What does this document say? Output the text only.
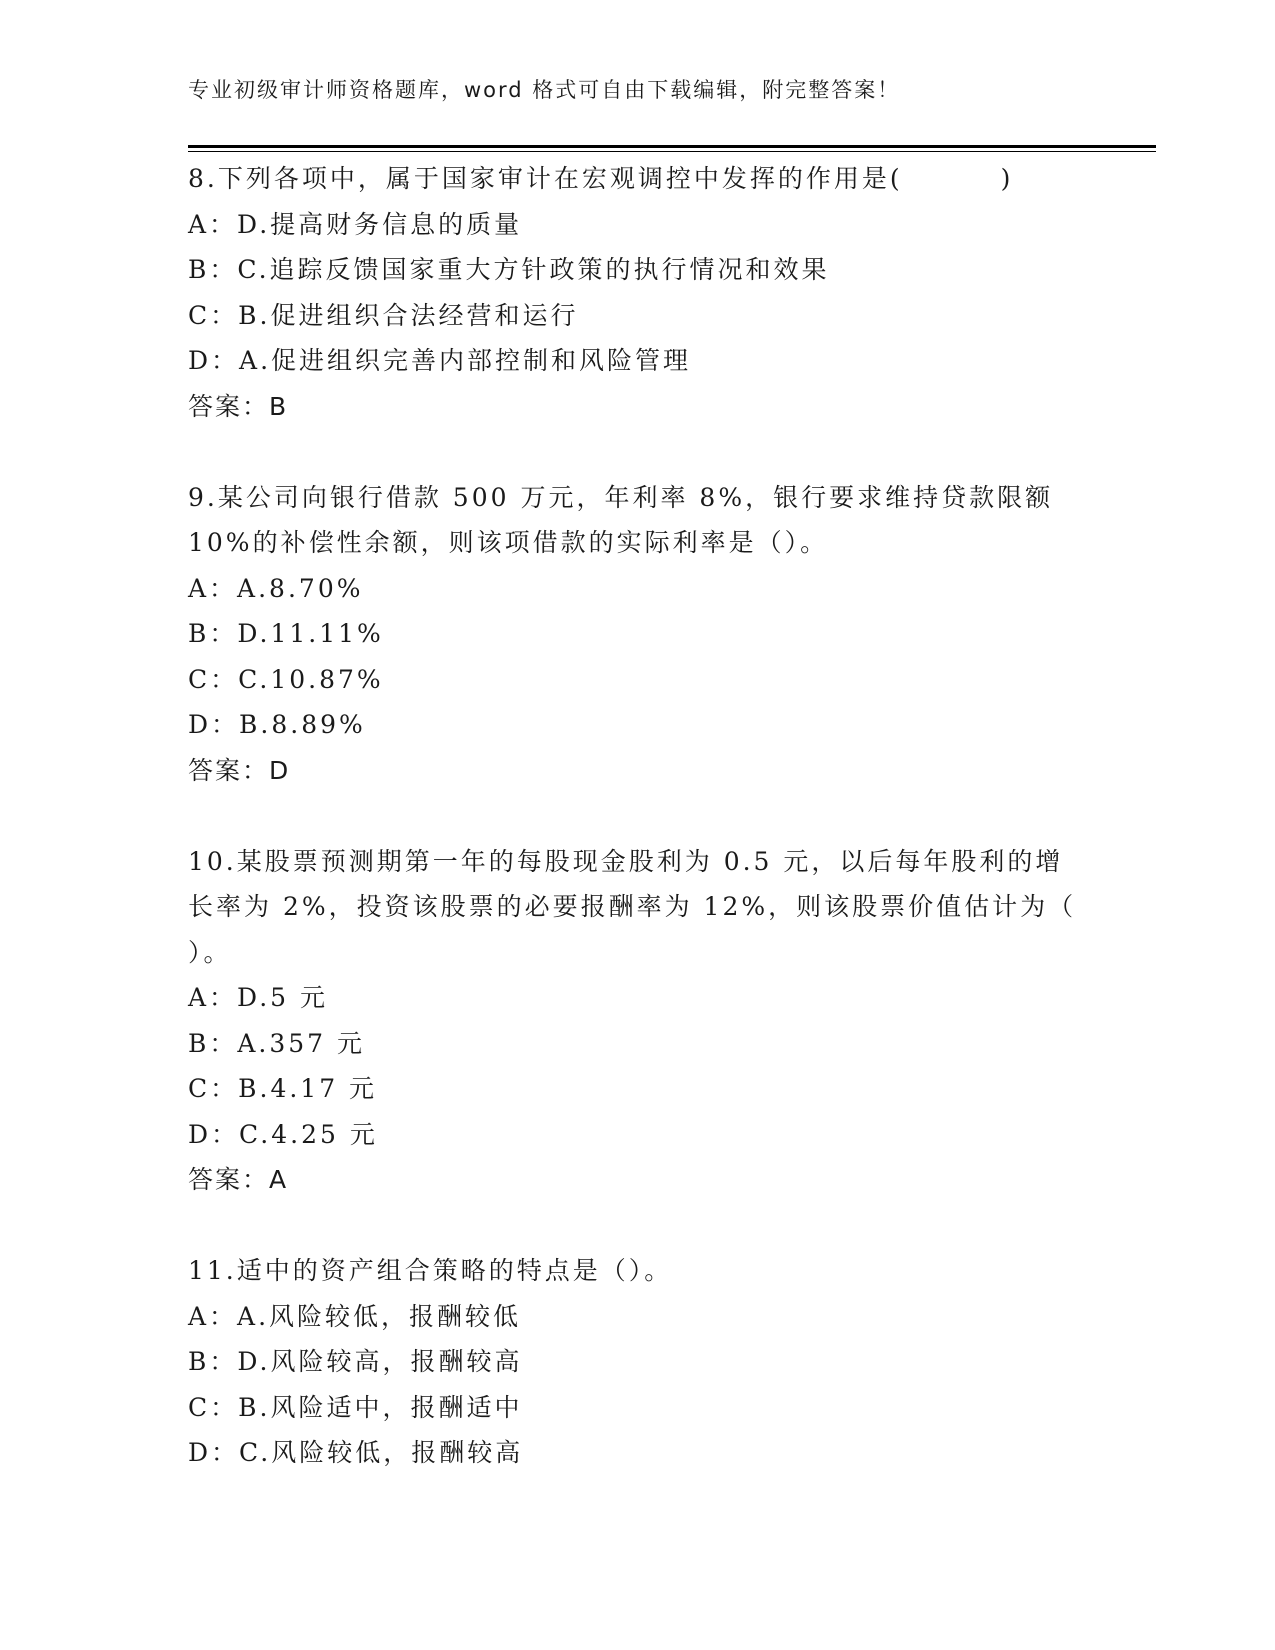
专业初级审计师资格题库，word 格式可自由下载编辑，附完整答案！
8.下列各项中，属于国家审计在宏观调控中发挥的作用是(	)
A：D.提高财务信息的质量
B：C.追踪反馈国家重大方针政策的执行情况和效果
C：B.促进组织合法经营和运行
D：A.促进组织完善内部控制和风险管理
答案：B
9.某公司向银行借款 500 万元，年利率 8%，银行要求维持贷款限额
10%的补偿性余额，则该项借款的实际利率是（）。
A：A.8.70%
B：D.11.11%
C：C.10.87%
D：B.8.89%
答案：D
10.某股票预测期第一年的每股现金股利为 0.5 元，以后每年股利的增
长率为 2%，投资该股票的必要报酬率为 12%，则该股票价值估计为（
）。
A：D.5 元
B：A.357 元
C：B.4.17 元
D：C.4.25 元
答案：A
11.适中的资产组合策略的特点是（）。
A：A.风险较低，报酬较低
B：D.风险较高，报酬较高
C：B.风险适中，报酬适中
D：C.风险较低，报酬较高
